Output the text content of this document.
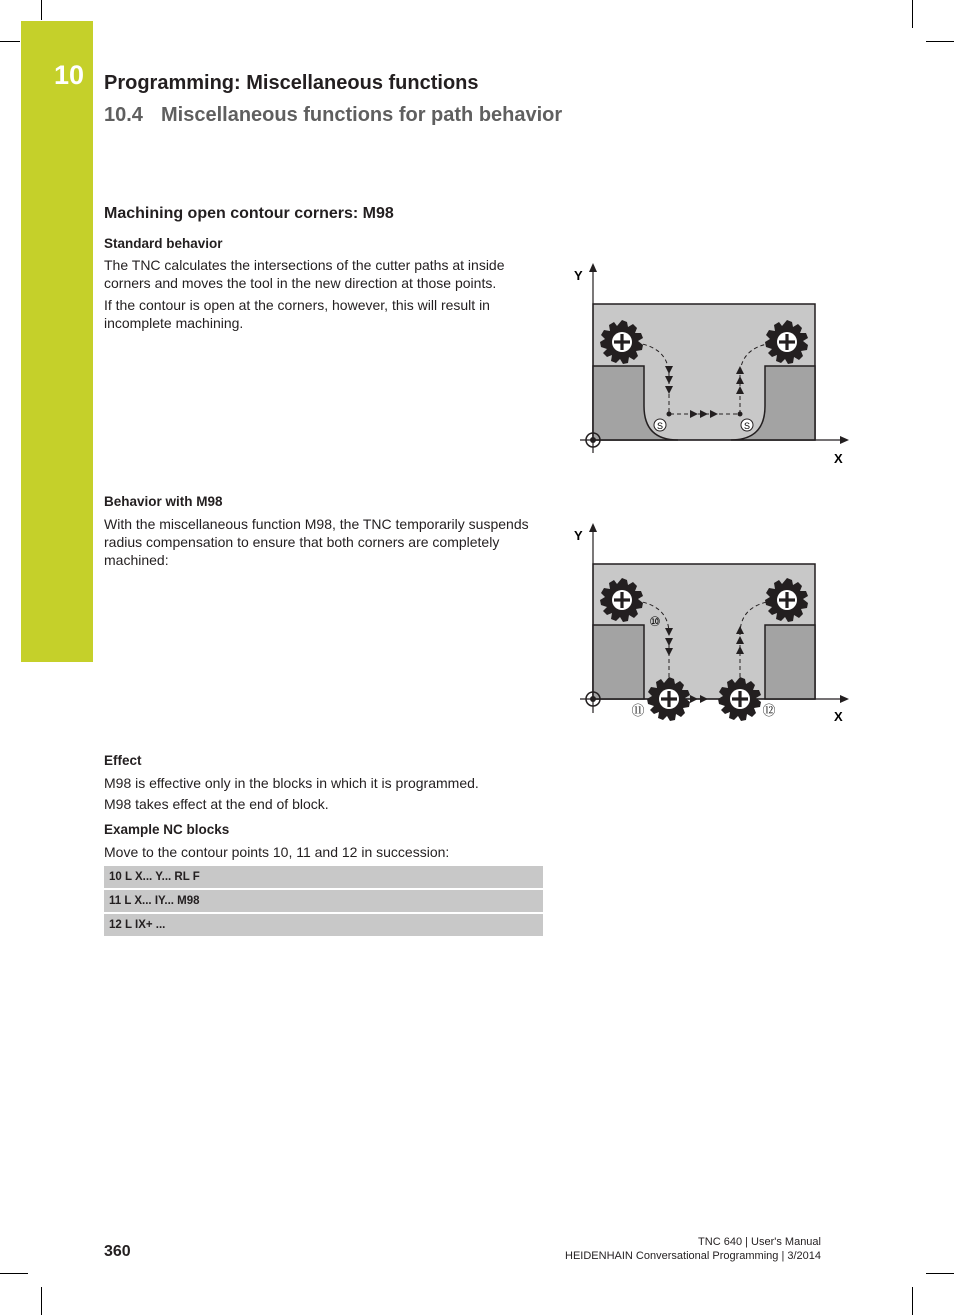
10 Programming: Miscellaneous functions
10.4 Miscellaneous functions for path behavior
Machining open contour corners: M98
Standard behavior

The TNC calculates the intersections of the cutter paths at inside corners and moves the tool in the new direction at those points.

If the contour is open at the corners, however, this will result in incomplete machining.

Behavior with M98

With the miscellaneous function M98, the TNC temporarily suspends radius compensation to ensure that both corners are completely machined:

Effect

M98 is effective only in the blocks in which it is programmed.

M98 takes effect at the end of block.

Example NC blocks

Move to the contour points 10, 11 and 12 in succession:

10 L X... Y... RL F
11 L X... IY... M98
12 L IX+ ...
S	S
Y
X
⑩
⑪	⑫
Y
X
360
TNC 640 | User's Manual
HEIDENHAIN Conversational Programming | 3/2014
